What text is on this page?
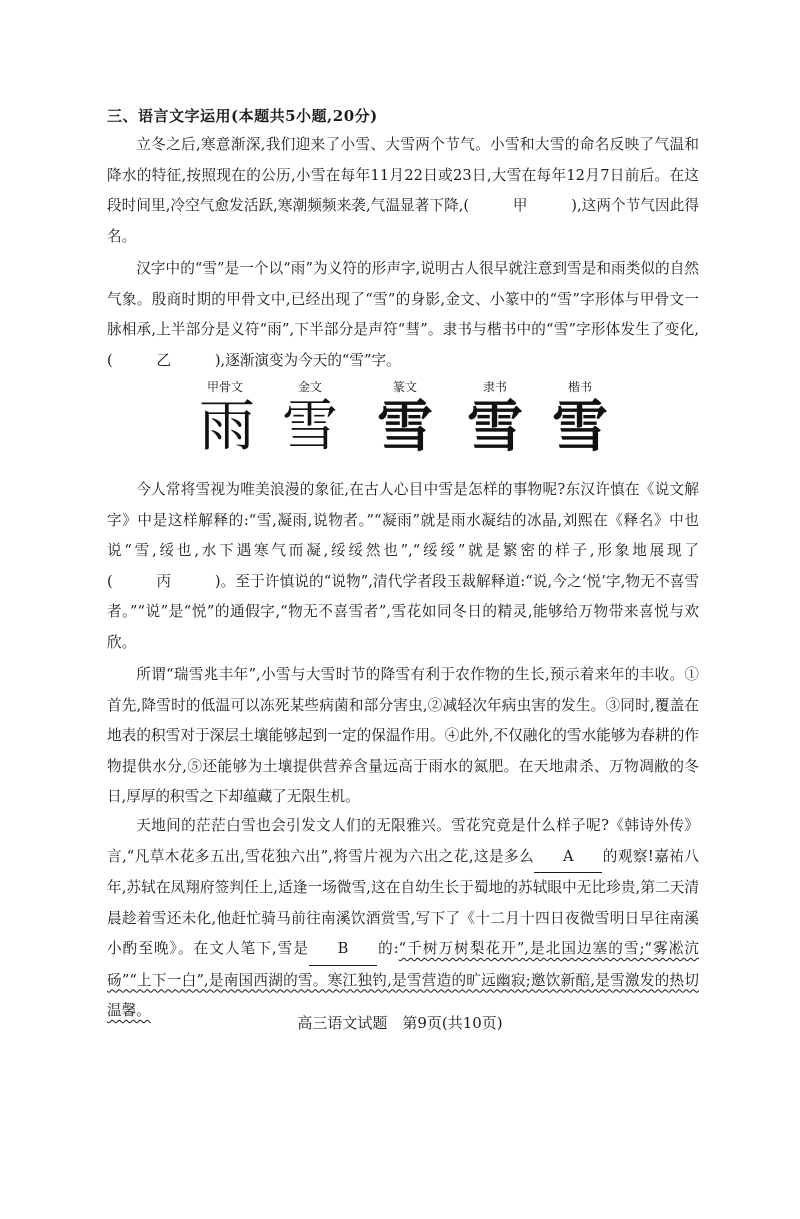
三、语言文字运用(本题共5小题,20分)

立冬之后,寒意渐深,我们迎来了小雪、大雪两个节气。小雪和大雪的命名反映了气温和降水的特征,按照现在的公历,小雪在每年11月22日或23日,大雪在每年12月7日前后。在这段时间里,冷空气愈发活跃,寒潮频频来袭,气温显著下降,(　　　甲　　　),这两个节气因此得名。

汉字中的“雪”是一个以“雨”为义符的形声字,说明古人很早就注意到雪是和雨类似的自然气象。殷商时期的甲骨文中,已经出现了“雪”的身影,金文、小篆中的“雪”字形体与甲骨文一脉相承,上半部分是义符“雨”,下半部分是声符“彗”。隶书与楷书中的“雪”字形体发生了变化,(　　　乙　　　),逐渐演变为今天的“雪”字。

甲骨文
雨
金文
雪
篆文
雪
隶书
雪
楷书
雪

今人常将雪视为唯美浪漫的象征,在古人心目中雪是怎样的事物呢?东汉许慎在《说文解字》中是这样解释的:“雪,凝雨,说物者。”“凝雨”就是雨水凝结的冰晶,刘熙在《释名》中也说“雪,绥也,水下遇寒气而凝,绥绥然也”,“绥绥”就是繁密的样子,形象地展现了(　　　丙　　　)。至于许慎说的“说物”,清代学者段玉裁解释道:“说,今之‘悦’字,物无不喜雪者。”“说”是“悦”的通假字,“物无不喜雪者”,雪花如同冬日的精灵,能够给万物带来喜悦与欢欣。

所谓“瑞雪兆丰年”,小雪与大雪时节的降雪有利于农作物的生长,预示着来年的丰收。①首先,降雪时的低温可以冻死某些病菌和部分害虫,②减轻次年病虫害的发生。③同时,覆盖在地表的积雪对于深层土壤能够起到一定的保温作用。④此外,不仅融化的雪水能够为春耕的作物提供水分,⑤还能够为土壤提供营养含量远高于雨水的氮肥。在天地肃杀、万物凋敝的冬日,厚厚的积雪之下却蕴藏了无限生机。

天地间的茫茫白雪也会引发文人们的无限雅兴。雪花究竟是什么样子呢?《韩诗外传》言,“凡草木花多五出,雪花独六出”,将雪片视为六出之花,这是多么 A 的观察!嘉祐八年,苏轼在凤翔府签判任上,适逢一场微雪,这在自幼生长于蜀地的苏轼眼中无比珍贵,第二天清晨趁着雪还未化,他赶忙骑马前往南溪饮酒赏雪,写下了《十二月十四日夜微雪明日早往南溪小酌至晚》。在文人笔下,雪是 B 的:“千树万树梨花开”,是北国边塞的雪;“雾凇沆砀”“上下一白”,是南国西湖的雪。寒江独钓,是雪营造的旷远幽寂;邀饮新醅,是雪激发的热切温馨。

高三语文试题　第9页(共10页)
